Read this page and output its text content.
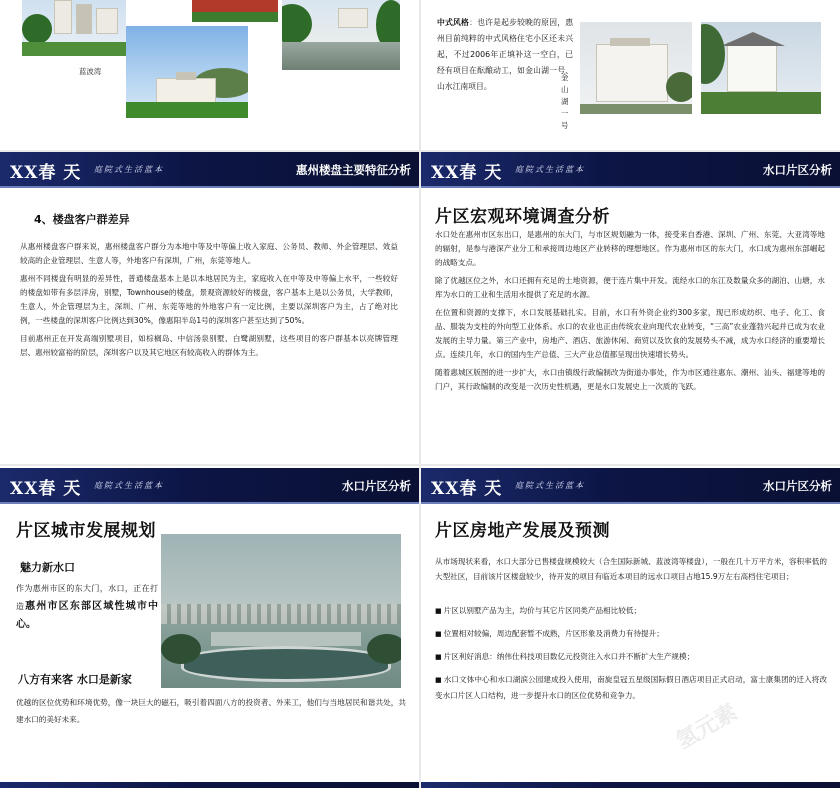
蓝波湾
中式风格：也许是起步较晚的原因，惠州目前纯粹的中式风格住宅小区还未兴起，不过2006年正填补这一空白，已经有项目在酝酿动工，如金山湖一号、山水江南项目。
金山湖一号
XX春 天 庭院式生活蓝本	惠州楼盘主要特征分析
4、楼盘客户群差异

从惠州楼盘客户群来说，惠州楼盘客户群分为本地中等及中等偏上收入家庭、公务员、教师、外企管理层、效益较高的企业管理层、生意人等，外地客户有深圳，广州，东莞等地人。

惠州不同楼盘有明显的差异性，普通楼盘基本上是以本地居民为主，家庭收入在中等及中等偏上水平，一些较好的楼盘如带有多层洋房，别墅，Townhouse的楼盘，景观资源较好的楼盘，客户基本上是以公务员，大学教师，生意人，外企管理层为主，深圳、广州、东莞等地的外地客户有一定比例，主要以深圳客户为主，占了绝对比例，一些楼盘的深圳客户比例达到30%，像惠阳半岛1号的深圳客户甚至达到了50%。

目前惠州正在开发高端别墅项目，如棕榈岛、中信汤泉别墅、白鹭湖别墅，这些项目的客户群基本以亮牌管理层、惠州较富裕的阶层，深圳客户以及其它地区有较高收入的群体为主。

XX春 天 庭院式生活蓝本	水口片区分析
片区宏观环境调查分析

水口处在惠州市区东出口，是惠州的东大门，与市区规划融为一体，接受来自香港、深圳、广州、东莞、大亚湾等地的辐射，是参与港深产业分工和承接周边地区产业转移的理想地区。作为惠州市区的东大门，水口成为惠州东部崛起的战略支点。

除了优越区位之外，水口还拥有充足的土地资源，便于连片集中开发。流经水口的东江及数量众多的湖泊、山塘，水库为水口的工业和生活用水提供了充足的水源。

在位置和资源的支撑下，水口发展基础扎实。目前，水口有外资企业约300多家，现已形成纺织、电子、化工、食品、服装为支柱的外向型工业体系。水口的农业也正由传统农业向现代农业转变，“三高”农业蓬勃兴起并已成为农业发展的主导力量。第三产业中，房地产、酒店、旅游休闲、商贸以及饮食的发展势头不减，成为水口经济的重要增长点。连续几年，水口的国内生产总值、三大产业总值都呈现出快速增长势头。

随着惠城区版图的进一步扩大，水口由镇级行政编制改为街道办事处，作为市区通往惠东、潮州、汕头、福建等地的门户，其行政编制的改变是一次历史性机遇，更是水口发展史上一次质的飞跃。

XX春 天 庭院式生活蓝本	水口片区分析
片区城市发展规划
魅力新水口
作为惠州市区的东大门，水口，正在打造惠州市区东部区域性城市中心。
八方有来客 水口是新家
优越的区位优势和环境优势，像一块巨大的磁石，吸引着四面八方的投资者、外来工，他们与当地居民和谐共处，共建水口的美好未来。
XX春 天 庭院式生活蓝本	水口片区分析
片区房地产发展及预测
从市场现状来看，水口大部分已售楼盘规模较大（合生国际新城、蓝波湾等楼盘），一般在几十万平方米，容积率低的大型社区，目前该片区楼盘较少，待开发的项目有临近本项目的远水口项目占地15.9万左右高档住宅项目；
■ 片区以别墅产品为主，均价与其它片区同类产品相比较低；
■ 位置相对较偏，周边配套暂不成熟，片区形象及消费力有待提升；
■ 片区利好消息：纳伟仕科技项目数亿元投资注入水口并不断扩大生产规模；
■ 水口文体中心和水口湖滨公园建成投入使用，南旋皇冠五星级国际假日酒店项目正式启动，富士康集团的迁入将改变水口片区人口结构，进一步提升水口的区位优势和竞争力。
氢元素
